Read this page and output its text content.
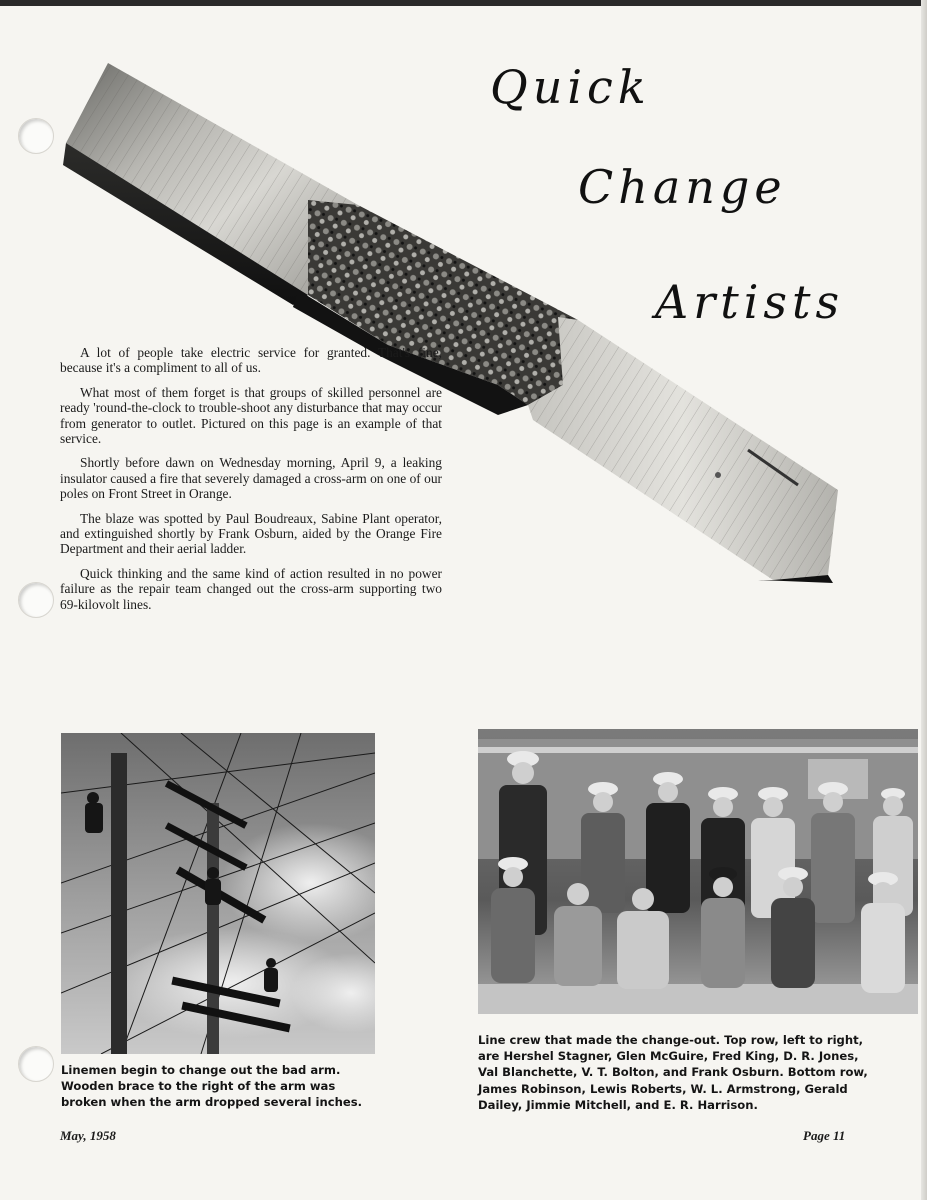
Quick
Change
Artists

A lot of people take electric service for granted. That's fine, because it's a compliment to all of us.

What most of them forget is that groups of skilled personnel are ready 'round-the-clock to trouble-shoot any disturbance that may occur from generator to outlet. Pictured on this page is an example of that service.

Shortly before dawn on Wednesday morning, April 9, a leaking insulator caused a fire that severely damaged a cross-arm on one of our poles on Front Street in Orange.

The blaze was spotted by Paul Boudreaux, Sabine Plant operator, and extinguished shortly by Frank Osburn, aided by the Orange Fire Department and their aerial ladder.

Quick thinking and the same kind of action resulted in no power failure as the repair team changed out the cross-arm supporting two 69-kilovolt lines.

Linemen begin to change out the bad arm. Wooden brace to the right of the arm was broken when the arm dropped several inches.
Line crew that made the change-out. Top row, left to right, are Hershel Stagner, Glen McGuire, Fred King, D. R. Jones, Val Blanchette, V. T. Bolton, and Frank Osburn. Bottom row, James Robinson, Lewis Roberts, W. L. Armstrong, Gerald Dailey, Jimmie Mitchell, and E. R. Harrison.
May, 1958	Page 11
